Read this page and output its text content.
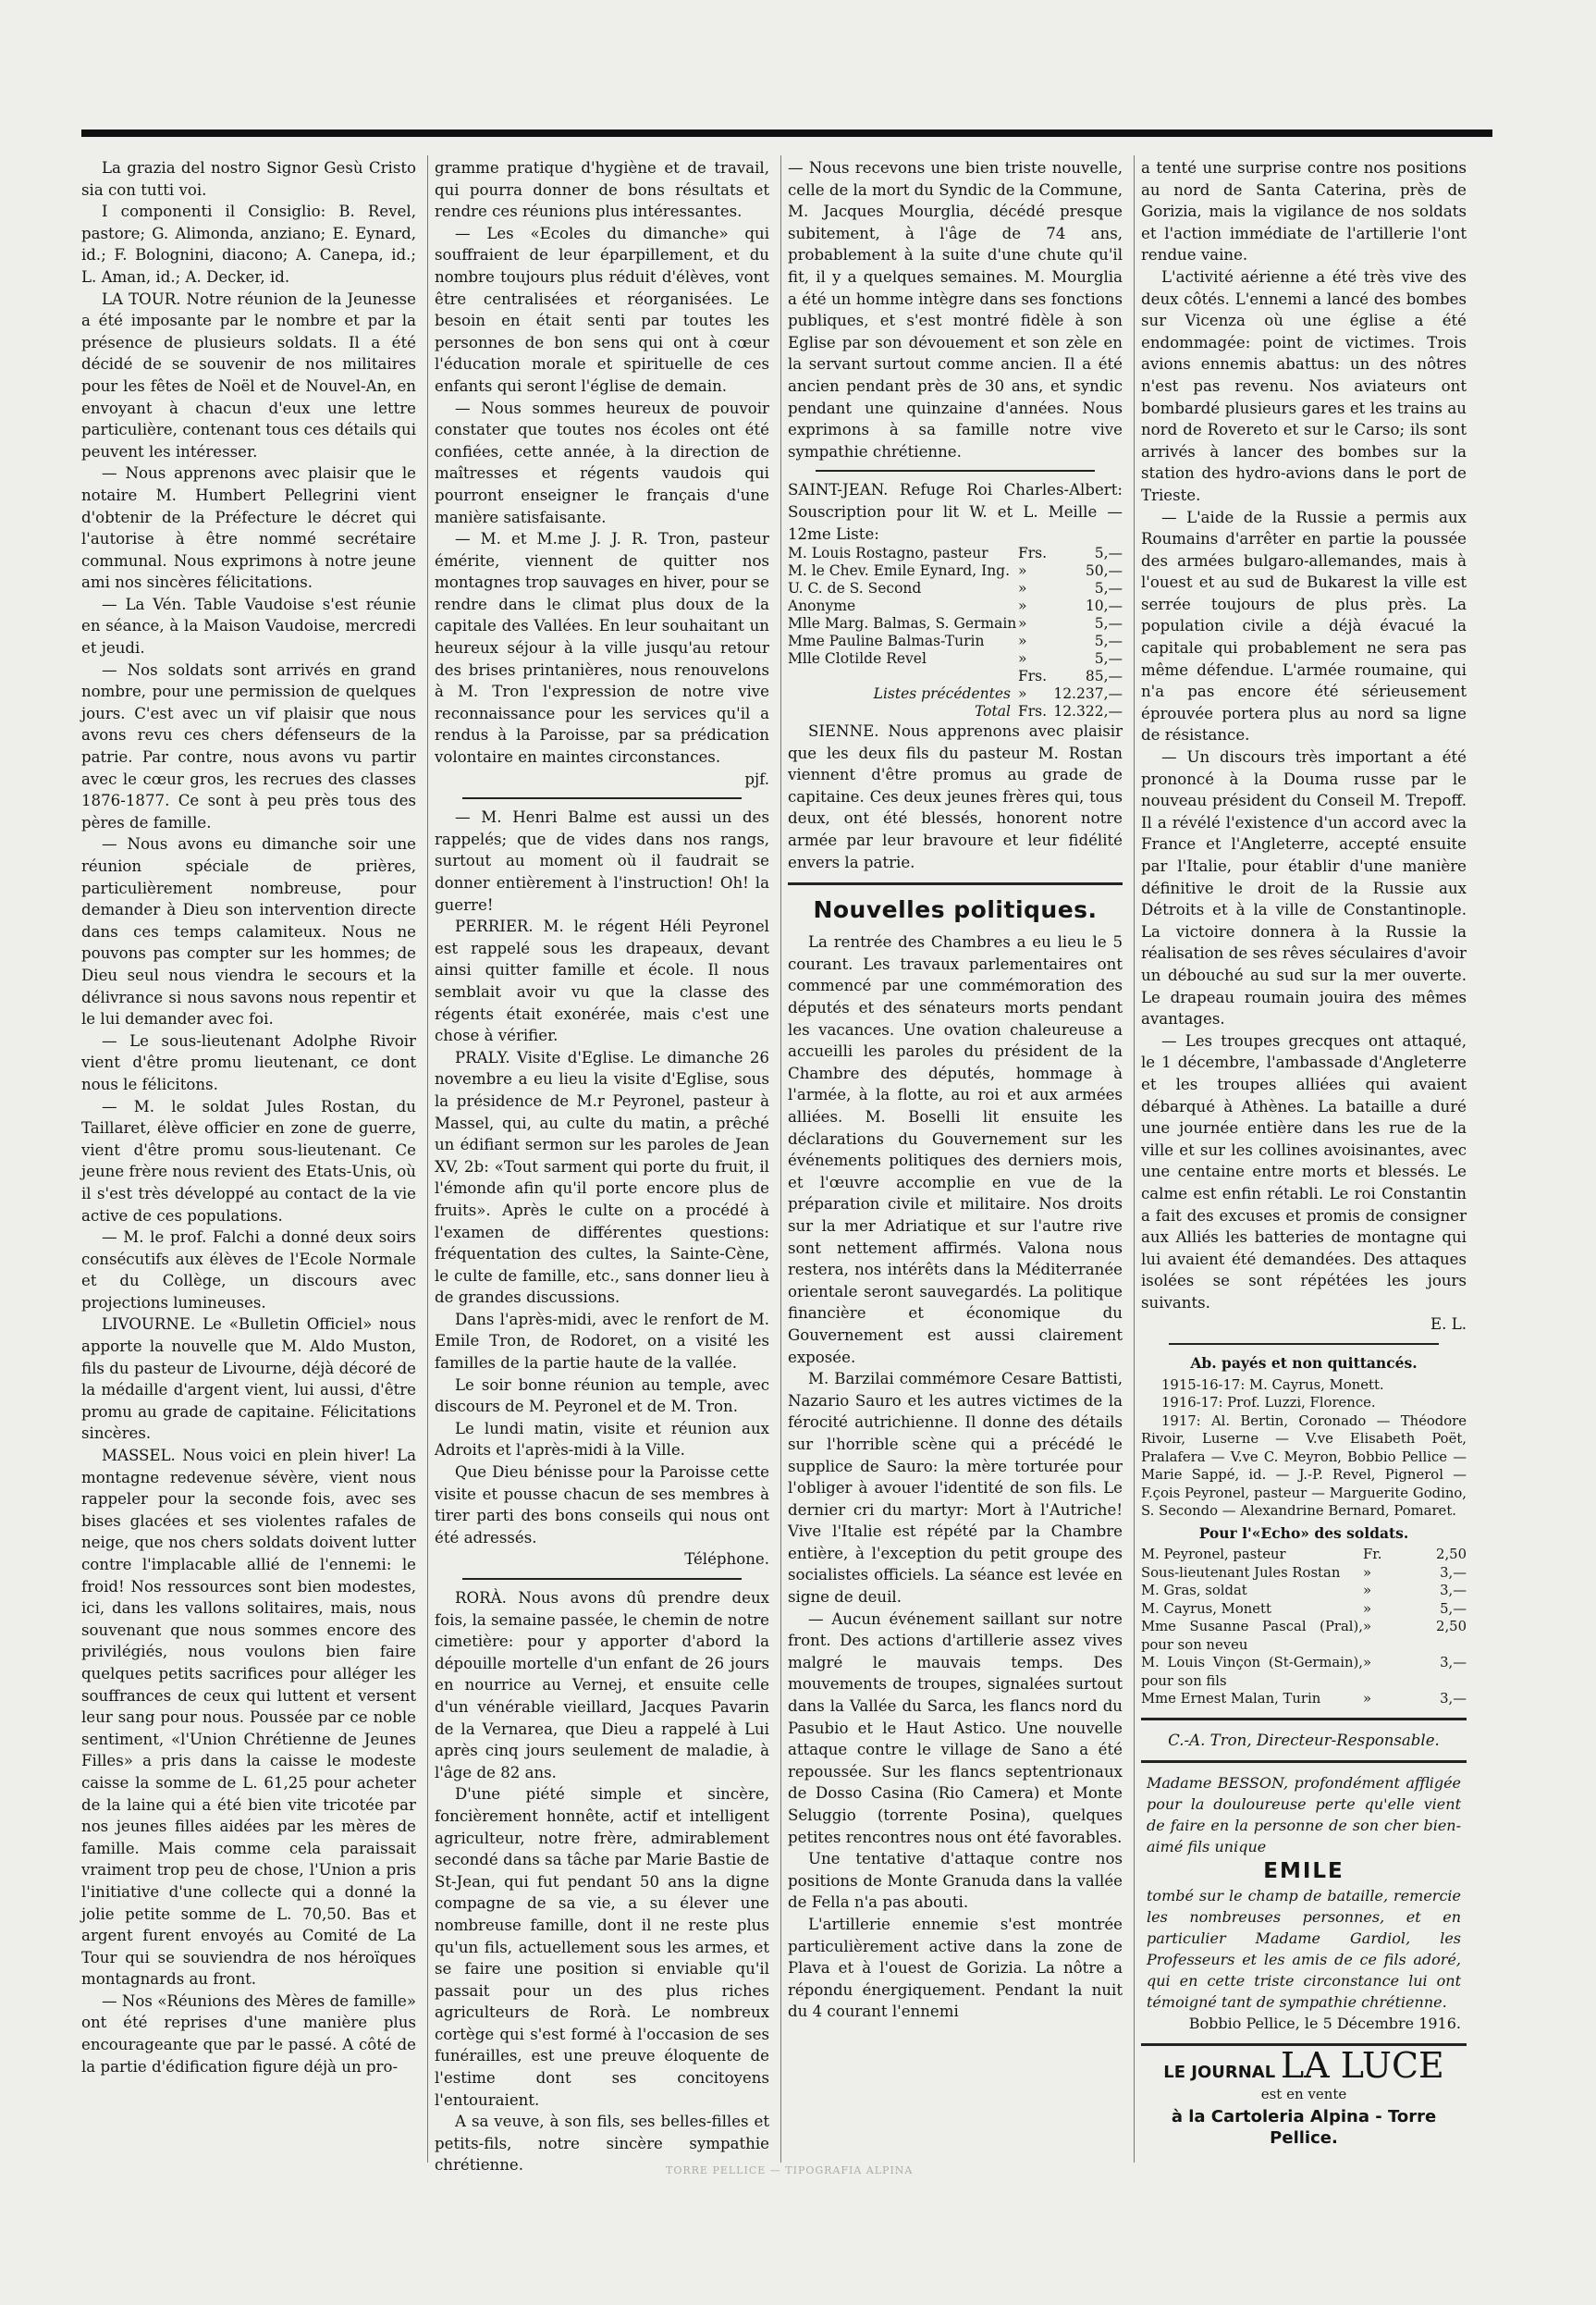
La grazia del nostro Signor Gesù Cristo sia con tutti voi.

I componenti il Consiglio: B. Revel, pastore; G. Alimonda, anziano; E. Eynard, id.; F. Bolognini, diacono; A. Canepa, id.; L. Aman, id.; A. Decker, id.

LA TOUR. Notre réunion de la Jeunesse a été imposante par le nombre et par la présence de plusieurs soldats. Il a été décidé de se souvenir de nos militaires pour les fêtes de Noël et de Nouvel-An, en envoyant à chacun d'eux une lettre particulière, contenant tous ces détails qui peuvent les intéresser.

— Nous apprenons avec plaisir que le notaire M. Humbert Pellegrini vient d'obtenir de la Préfecture le décret qui l'autorise à être nommé secrétaire communal. Nous exprimons à notre jeune ami nos sincères félicitations.

— La Vén. Table Vaudoise s'est réunie en séance, à la Maison Vaudoise, mercredi et jeudi.

— Nos soldats sont arrivés en grand nombre, pour une permission de quelques jours. C'est avec un vif plaisir que nous avons revu ces chers défenseurs de la patrie. Par contre, nous avons vu partir avec le cœur gros, les recrues des classes 1876-1877. Ce sont à peu près tous des pères de famille.

— Nous avons eu dimanche soir une réunion spéciale de prières, particulièrement nombreuse, pour demander à Dieu son intervention directe dans ces temps calamiteux. Nous ne pouvons pas compter sur les hommes; de Dieu seul nous viendra le secours et la délivrance si nous savons nous repentir et le lui demander avec foi.

— Le sous-lieutenant Adolphe Rivoir vient d'être promu lieutenant, ce dont nous le félicitons.

— M. le soldat Jules Rostan, du Taillaret, élève officier en zone de guerre, vient d'être promu sous-lieutenant. Ce jeune frère nous revient des Etats-Unis, où il s'est très développé au contact de la vie active de ces populations.

— M. le prof. Falchi a donné deux soirs consécutifs aux élèves de l'Ecole Normale et du Collège, un discours avec projections lumineuses.

LIVOURNE. Le «Bulletin Officiel» nous apporte la nouvelle que M. Aldo Muston, fils du pasteur de Livourne, déjà décoré de la médaille d'argent vient, lui aussi, d'être promu au grade de capitaine. Félicitations sincères.

MASSEL. Nous voici en plein hiver! La montagne redevenue sévère, vient nous rappeler pour la seconde fois, avec ses bises glacées et ses violentes rafales de neige, que nos chers soldats doivent lutter contre l'implacable allié de l'ennemi: le froid! Nos ressources sont bien modestes, ici, dans les vallons solitaires, mais, nous souvenant que nous sommes encore des privilégiés, nous voulons bien faire quelques petits sacrifices pour alléger les souffrances de ceux qui luttent et versent leur sang pour nous. Poussée par ce noble sentiment, «l'Union Chrétienne de Jeunes Filles» a pris dans la caisse le modeste caisse la somme de L. 61,25 pour acheter de la laine qui a été bien vite tricotée par nos jeunes filles aidées par les mères de famille. Mais comme cela paraissait vraiment trop peu de chose, l'Union a pris l'initiative d'une collecte qui a donné la jolie petite somme de L. 70,50. Bas et argent furent envoyés au Comité de La Tour qui se souviendra de nos héroïques montagnards au front.

— Nos «Réunions des Mères de famille» ont été reprises d'une manière plus encourageante que par le passé. A côté de la partie d'édification figure déjà un pro-

gramme pratique d'hygiène et de travail, qui pourra donner de bons résultats et rendre ces réunions plus intéressantes.

— Les «Ecoles du dimanche» qui souffraient de leur éparpillement, et du nombre toujours plus réduit d'élèves, vont être centralisées et réorganisées. Le besoin en était senti par toutes les personnes de bon sens qui ont à cœur l'éducation morale et spirituelle de ces enfants qui seront l'église de demain.

— Nous sommes heureux de pouvoir constater que toutes nos écoles ont été confiées, cette année, à la direction de maîtresses et régents vaudois qui pourront enseigner le français d'une manière satisfaisante.

— M. et M.me J. J. R. Tron, pasteur émérite, viennent de quitter nos montagnes trop sauvages en hiver, pour se rendre dans le climat plus doux de la capitale des Vallées. En leur souhaitant un heureux séjour à la ville jusqu'au retour des brises printanières, nous renouvelons à M. Tron l'expression de notre vive reconnaissance pour les services qu'il a rendus à la Paroisse, par sa prédication volontaire en maintes circonstances.

pjf.

— M. Henri Balme est aussi un des rappelés; que de vides dans nos rangs, surtout au moment où il faudrait se donner entièrement à l'instruction! Oh! la guerre!

PERRIER. M. le régent Héli Peyronel est rappelé sous les drapeaux, devant ainsi quitter famille et école. Il nous semblait avoir vu que la classe des régents était exonérée, mais c'est une chose à vérifier.

PRALY. Visite d'Eglise. Le dimanche 26 novembre a eu lieu la visite d'Eglise, sous la présidence de M.r Peyronel, pasteur à Massel, qui, au culte du matin, a prêché un édifiant sermon sur les paroles de Jean XV, 2b: «Tout sarment qui porte du fruit, il l'émonde afin qu'il porte encore plus de fruits». Après le culte on a procédé à l'examen de différentes questions: fréquentation des cultes, la Sainte-Cène, le culte de famille, etc., sans donner lieu à de grandes discussions.

Dans l'après-midi, avec le renfort de M. Emile Tron, de Rodoret, on a visité les familles de la partie haute de la vallée.

Le soir bonne réunion au temple, avec discours de M. Peyronel et de M. Tron.

Le lundi matin, visite et réunion aux Adroits et l'après-midi à la Ville.

Que Dieu bénisse pour la Paroisse cette visite et pousse chacun de ses membres à tirer parti des bons conseils qui nous ont été adressés.

Téléphone.

RORÀ. Nous avons dû prendre deux fois, la semaine passée, le chemin de notre cimetière: pour y apporter d'abord la dépouille mortelle d'un enfant de 26 jours en nourrice au Vernej, et ensuite celle d'un vénérable vieillard, Jacques Pavarin de la Vernarea, que Dieu a rappelé à Lui après cinq jours seulement de maladie, à l'âge de 82 ans.

D'une piété simple et sincère, foncièrement honnête, actif et intelligent agriculteur, notre frère, admirablement secondé dans sa tâche par Marie Bastie de St-Jean, qui fut pendant 50 ans la digne compagne de sa vie, a su élever une nombreuse famille, dont il ne reste plus qu'un fils, actuellement sous les armes, et se faire une position si enviable qu'il passait pour un des plus riches agriculteurs de Rorà. Le nombreux cortège qui s'est formé à l'occasion de ses funérailles, est une preuve éloquente de l'estime dont ses concitoyens l'entouraient.

A sa veuve, à son fils, ses belles-filles et petits-fils, notre sincère sympathie chrétienne.

— Nous recevons une bien triste nouvelle, celle de la mort du Syndic de la Commune, M. Jacques Mourglia, décédé presque subitement, à l'âge de 74 ans, probablement à la suite d'une chute qu'il fit, il y a quelques semaines. M. Mourglia a été un homme intègre dans ses fonctions publiques, et s'est montré fidèle à son Eglise par son dévouement et son zèle en la servant surtout comme ancien. Il a été ancien pendant près de 30 ans, et syndic pendant une quinzaine d'années. Nous exprimons à sa famille notre vive sympathie chrétienne.

SAINT-JEAN. Refuge Roi Charles-Albert: Souscription pour lit W. et L. Meille — 12me Liste:

M. Louis Rostagno, pasteur	Frs.	5,—
M. le Chev. Emile Eynard, Ing.	»	50,—
U. C. de S. Second	»	5,—
Anonyme	»	10,—
Mlle Marg. Balmas, S. Germain	»	5,—
Mme Pauline Balmas-Turin	»	5,—
Mlle Clotilde Revel	»	5,—
	Frs.	85,—
Listes précédentes	»	12.237,—
Total	Frs.	12.322,—

SIENNE. Nous apprenons avec plaisir que les deux fils du pasteur M. Rostan viennent d'être promus au grade de capitaine. Ces deux jeunes frères qui, tous deux, ont été blessés, honorent notre armée par leur bravoure et leur fidélité envers la patrie.

Nouvelles politiques.

La rentrée des Chambres a eu lieu le 5 courant. Les travaux parlementaires ont commencé par une commémoration des députés et des sénateurs morts pendant les vacances. Une ovation chaleureuse a accueilli les paroles du président de la Chambre des députés, hommage à l'armée, à la flotte, au roi et aux armées alliées. M. Boselli lit ensuite les déclarations du Gouvernement sur les événements politiques des derniers mois, et l'œuvre accomplie en vue de la préparation civile et militaire. Nos droits sur la mer Adriatique et sur l'autre rive sont nettement affirmés. Valona nous restera, nos intérêts dans la Méditerranée orientale seront sauvegardés. La politique financière et économique du Gouvernement est aussi clairement exposée.

M. Barzilai commémore Cesare Battisti, Nazario Sauro et les autres victimes de la férocité autrichienne. Il donne des détails sur l'horrible scène qui a précédé le supplice de Sauro: la mère torturée pour l'obliger à avouer l'identité de son fils. Le dernier cri du martyr: Mort à l'Autriche! Vive l'Italie est répété par la Chambre entière, à l'exception du petit groupe des socialistes officiels. La séance est levée en signe de deuil.

— Aucun événement saillant sur notre front. Des actions d'artillerie assez vives malgré le mauvais temps. Des mouvements de troupes, signalées surtout dans la Vallée du Sarca, les flancs nord du Pasubio et le Haut Astico. Une nouvelle attaque contre le village de Sano a été repoussée. Sur les flancs septentrionaux de Dosso Casina (Rio Camera) et Monte Seluggio (torrente Posina), quelques petites rencontres nous ont été favorables.

Une tentative d'attaque contre nos positions de Monte Granuda dans la vallée de Fella n'a pas abouti.

L'artillerie ennemie s'est montrée particulièrement active dans la zone de Plava et à l'ouest de Gorizia. La nôtre a répondu énergiquement. Pendant la nuit du 4 courant l'ennemi

a tenté une surprise contre nos positions au nord de Santa Caterina, près de Gorizia, mais la vigilance de nos soldats et l'action immédiate de l'artillerie l'ont rendue vaine.

L'activité aérienne a été très vive des deux côtés. L'ennemi a lancé des bombes sur Vicenza où une église a été endommagée: point de victimes. Trois avions ennemis abattus: un des nôtres n'est pas revenu. Nos aviateurs ont bombardé plusieurs gares et les trains au nord de Rovereto et sur le Carso; ils sont arrivés à lancer des bombes sur la station des hydro-avions dans le port de Trieste.

— L'aide de la Russie a permis aux Roumains d'arrêter en partie la poussée des armées bulgaro-allemandes, mais à l'ouest et au sud de Bukarest la ville est serrée toujours de plus près. La population civile a déjà évacué la capitale qui probablement ne sera pas même défendue. L'armée roumaine, qui n'a pas encore été sérieusement éprouvée portera plus au nord sa ligne de résistance.

— Un discours très important a été prononcé à la Douma russe par le nouveau président du Conseil M. Trepoff. Il a révélé l'existence d'un accord avec la France et l'Angleterre, accepté ensuite par l'Italie, pour établir d'une manière définitive le droit de la Russie aux Détroits et à la ville de Constantinople. La victoire donnera à la Russie la réalisation de ses rêves séculaires d'avoir un débouché au sud sur la mer ouverte. Le drapeau roumain jouira des mêmes avantages.

— Les troupes grecques ont attaqué, le 1 décembre, l'ambassade d'Angleterre et les troupes alliées qui avaient débarqué à Athènes. La bataille a duré une journée entière dans les rue de la ville et sur les collines avoisinantes, avec une centaine entre morts et blessés. Le calme est enfin rétabli. Le roi Constantin a fait des excuses et promis de consigner aux Alliés les batteries de montagne qui lui avaient été demandées. Des attaques isolées se sont répétées les jours suivants.

E. L.

Ab. payés et non quittancés.

1915-16-17: M. Cayrus, Monett.

1916-17: Prof. Luzzi, Florence.

1917: Al. Bertin, Coronado — Théodore Rivoir, Luserne — V.ve Elisabeth Poët, Pralafera — V.ve C. Meyron, Bobbio Pellice — Marie Sappé, id. — J.-P. Revel, Pignerol — F.çois Peyronel, pasteur — Marguerite Godino, S. Secondo — Alexandrine Bernard, Pomaret.

Pour l'«Echo» des soldats.
M. Peyronel, pasteur	Fr.	2,50
Sous-lieutenant Jules Rostan	»	3,—
M. Gras, soldat	»	3,—
M. Cayrus, Monett	»	5,—
Mme Susanne Pascal (Pral), pour son neveu	»	2,50
M. Louis Vinçon (St-Germain), pour son fils	»	3,—
Mme Ernest Malan, Turin	»	3,—

C.-A. Tron, Directeur-Responsable.

Madame BESSON, profondément affligée pour la douloureuse perte qu'elle vient de faire en la personne de son cher bien-aimé fils unique
EMILE
tombé sur le champ de bataille, remercie les nombreuses personnes, et en particulier Madame Gardiol, les Professeurs et les amis de ce fils adoré, qui en cette triste circonstance lui ont témoigné tant de sympathie chrétienne.
Bobbio Pellice, le 5 Décembre 1916.
LE JOURNAL LA LUCE
est en vente
à la Cartoleria Alpina - Torre Pellice.
TORRE PELLICE — TIPOGRAFIA ALPINA
